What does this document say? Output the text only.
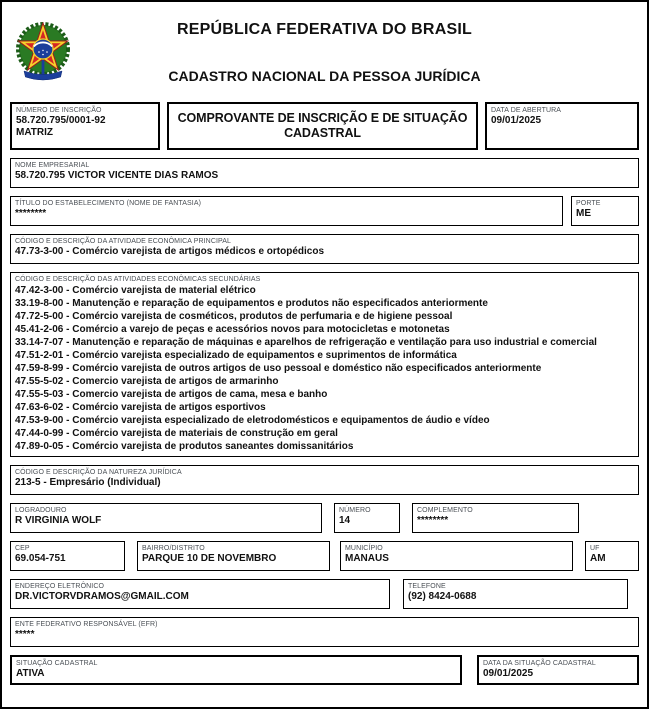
REPÚBLICA FEDERATIVA DO BRASIL
CADASTRO NACIONAL DA PESSOA JURÍDICA
NÚMERO DE INSCRIÇÃO
58.720.795/0001-92
MATRIZ
COMPROVANTE DE INSCRIÇÃO E DE SITUAÇÃO
CADASTRAL
DATA DE ABERTURA
09/01/2025
NOME EMPRESARIAL
58.720.795 VICTOR VICENTE DIAS RAMOS
TÍTULO DO ESTABELECIMENTO (NOME DE FANTASIA)
********
PORTE
ME
CÓDIGO E DESCRIÇÃO DA ATIVIDADE ECONÔMICA PRINCIPAL
47.73-3-00 - Comércio varejista de artigos médicos e ortopédicos
CÓDIGO E DESCRIÇÃO DAS ATIVIDADES ECONÔMICAS SECUNDÁRIAS
47.42-3-00 - Comércio varejista de material elétrico
33.19-8-00 - Manutenção e reparação de equipamentos e produtos não especificados anteriormente
47.72-5-00 - Comércio varejista de cosméticos, produtos de perfumaria e de higiene pessoal
45.41-2-06 - Comércio a varejo de peças e acessórios novos para motocicletas e motonetas
33.14-7-07 - Manutenção e reparação de máquinas e aparelhos de refrigeração e ventilação para uso industrial e comercial
47.51-2-01 - Comércio varejista especializado de equipamentos e suprimentos de informática
47.59-8-99 - Comércio varejista de outros artigos de uso pessoal e doméstico não especificados anteriormente
47.55-5-02 - Comercio varejista de artigos de armarinho
47.55-5-03 - Comercio varejista de artigos de cama, mesa e banho
47.63-6-02 - Comércio varejista de artigos esportivos
47.53-9-00 - Comércio varejista especializado de eletrodomésticos e equipamentos de áudio e vídeo
47.44-0-99 - Comércio varejista de materiais de construção em geral
47.89-0-05 - Comércio varejista de produtos saneantes domissanitários
CÓDIGO E DESCRIÇÃO DA NATUREZA JURÍDICA
213-5 - Empresário (Individual)
LOGRADOURO
R VIRGINIA WOLF
NÚMERO
14
COMPLEMENTO
********
CEP
69.054-751
BAIRRO/DISTRITO
PARQUE 10 DE NOVEMBRO
MUNICÍPIO
MANAUS
UF
AM
ENDEREÇO ELETRÔNICO
DR.VICTORVDRAMOS@GMAIL.COM
TELEFONE
(92) 8424-0688
ENTE FEDERATIVO RESPONSÁVEL (EFR)
*****
SITUAÇÃO CADASTRAL
ATIVA
DATA DA SITUAÇÃO CADASTRAL
09/01/2025
